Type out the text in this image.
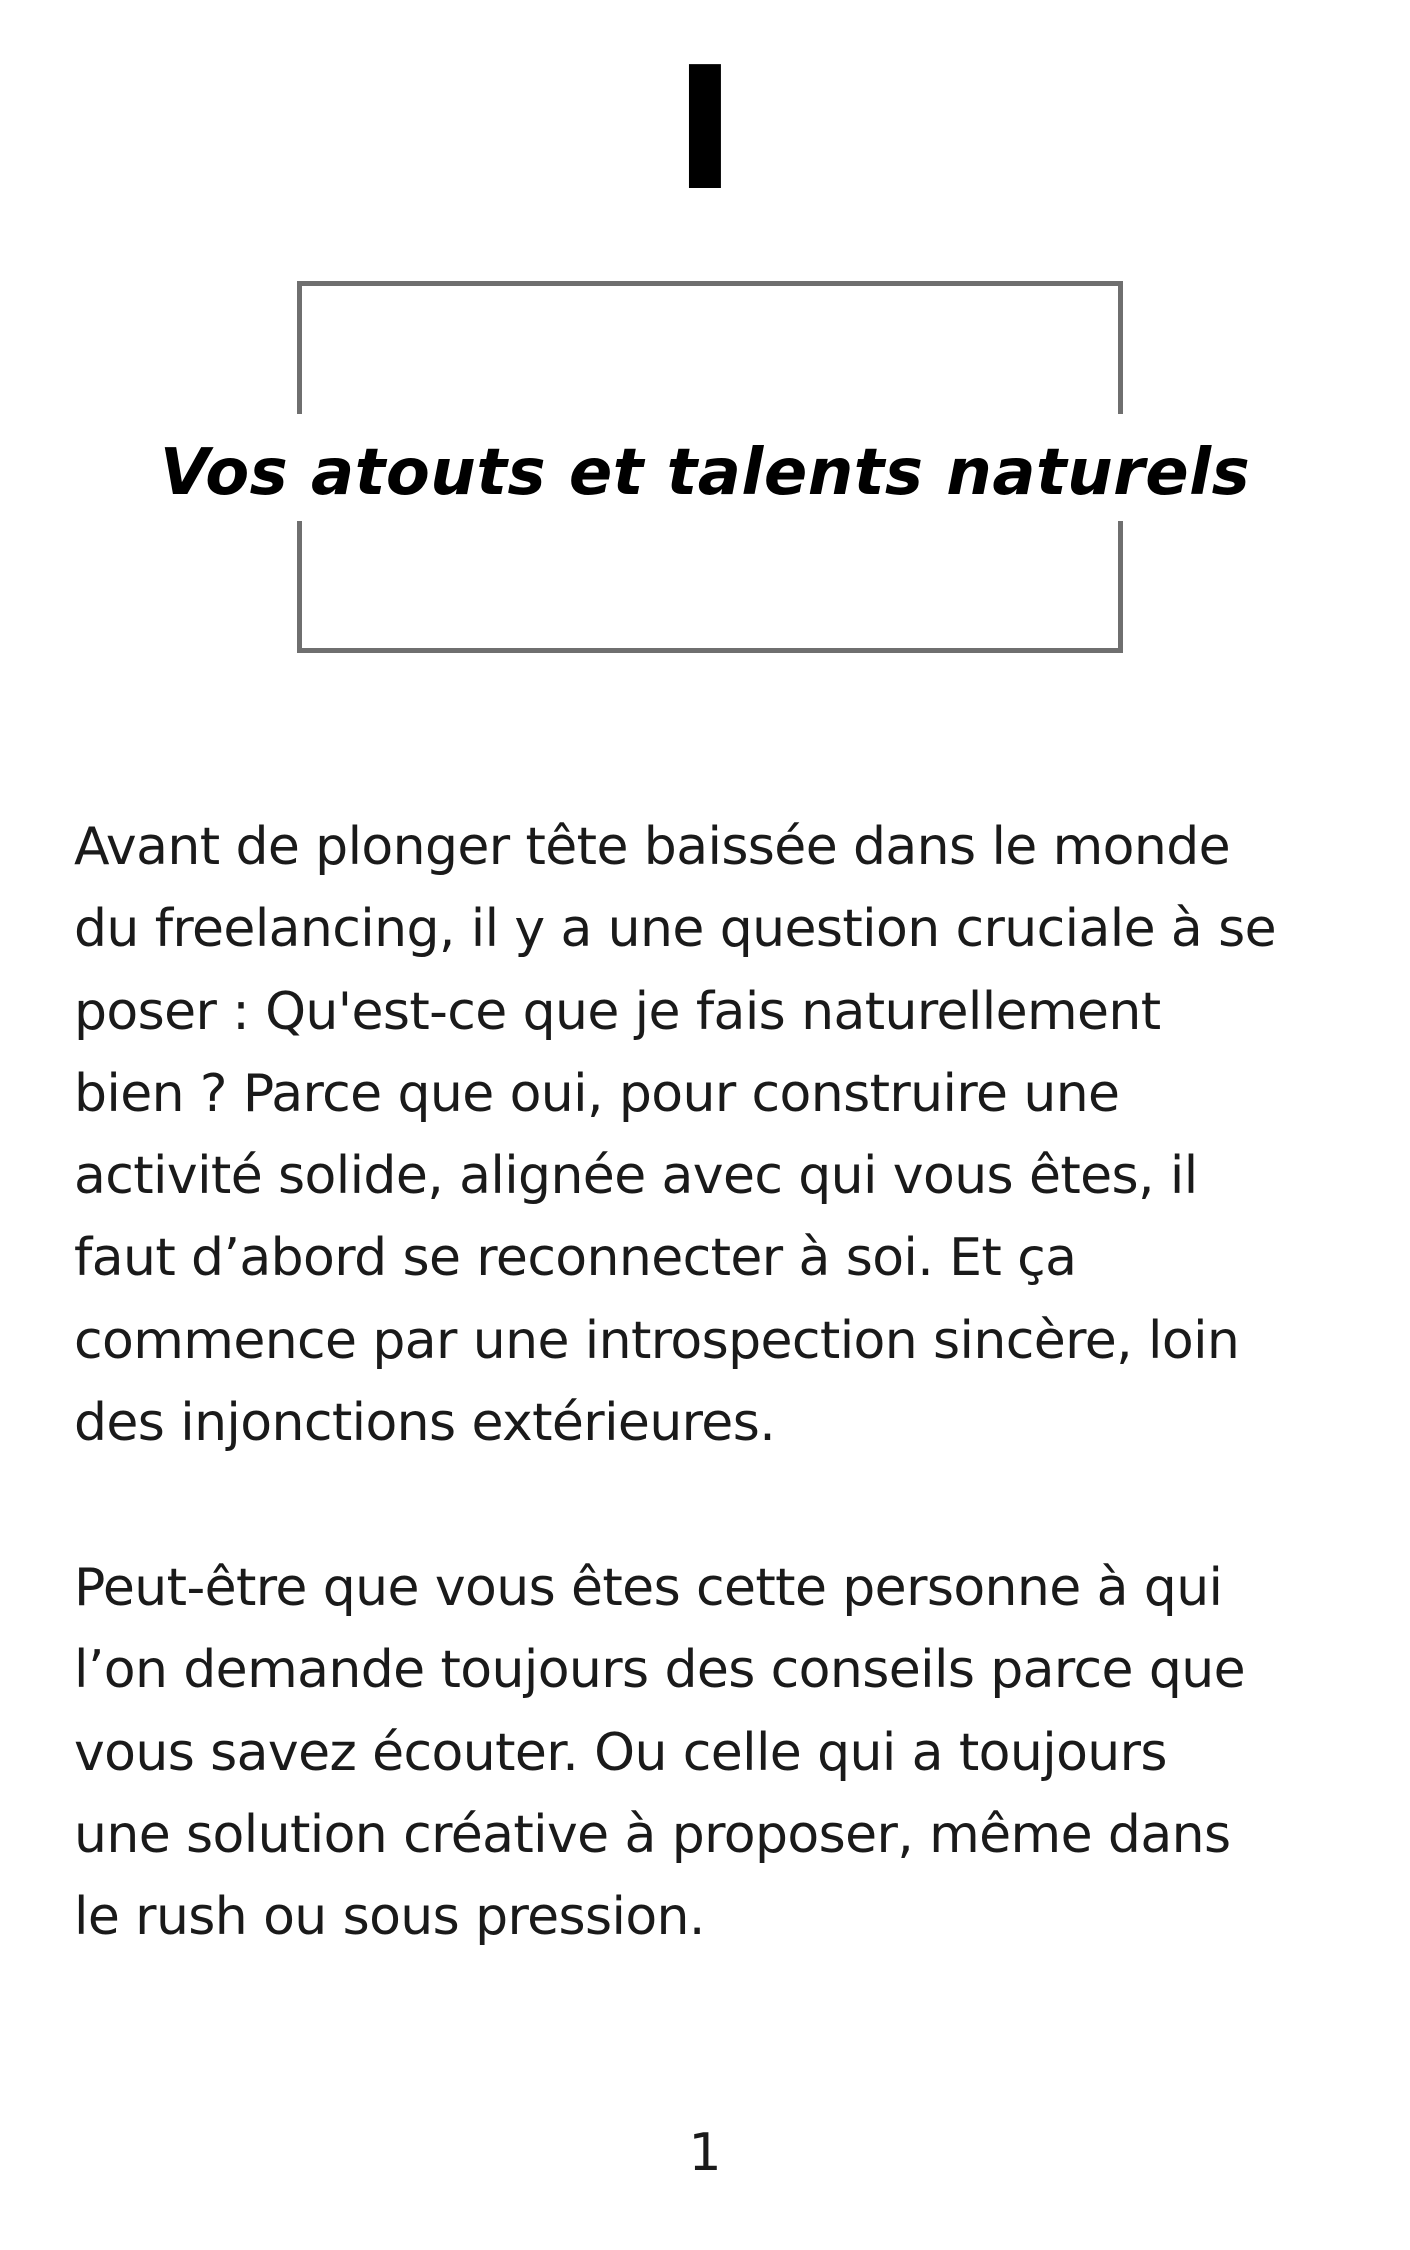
I
Vos atouts et talents naturels

Avant de plonger tête baissée dans le monde
du freelancing, il y a une question cruciale à se
poser : Qu'est-ce que je fais naturellement
bien ? Parce que oui, pour construire une
activité solide, alignée avec qui vous êtes, il
faut d’abord se reconnecter à soi. Et ça
commence par une introspection sincère, loin
des injonctions extérieures.

Peut-être que vous êtes cette personne à qui
l’on demande toujours des conseils parce que
vous savez écouter. Ou celle qui a toujours
une solution créative à proposer, même dans
le rush ou sous pression.

1
